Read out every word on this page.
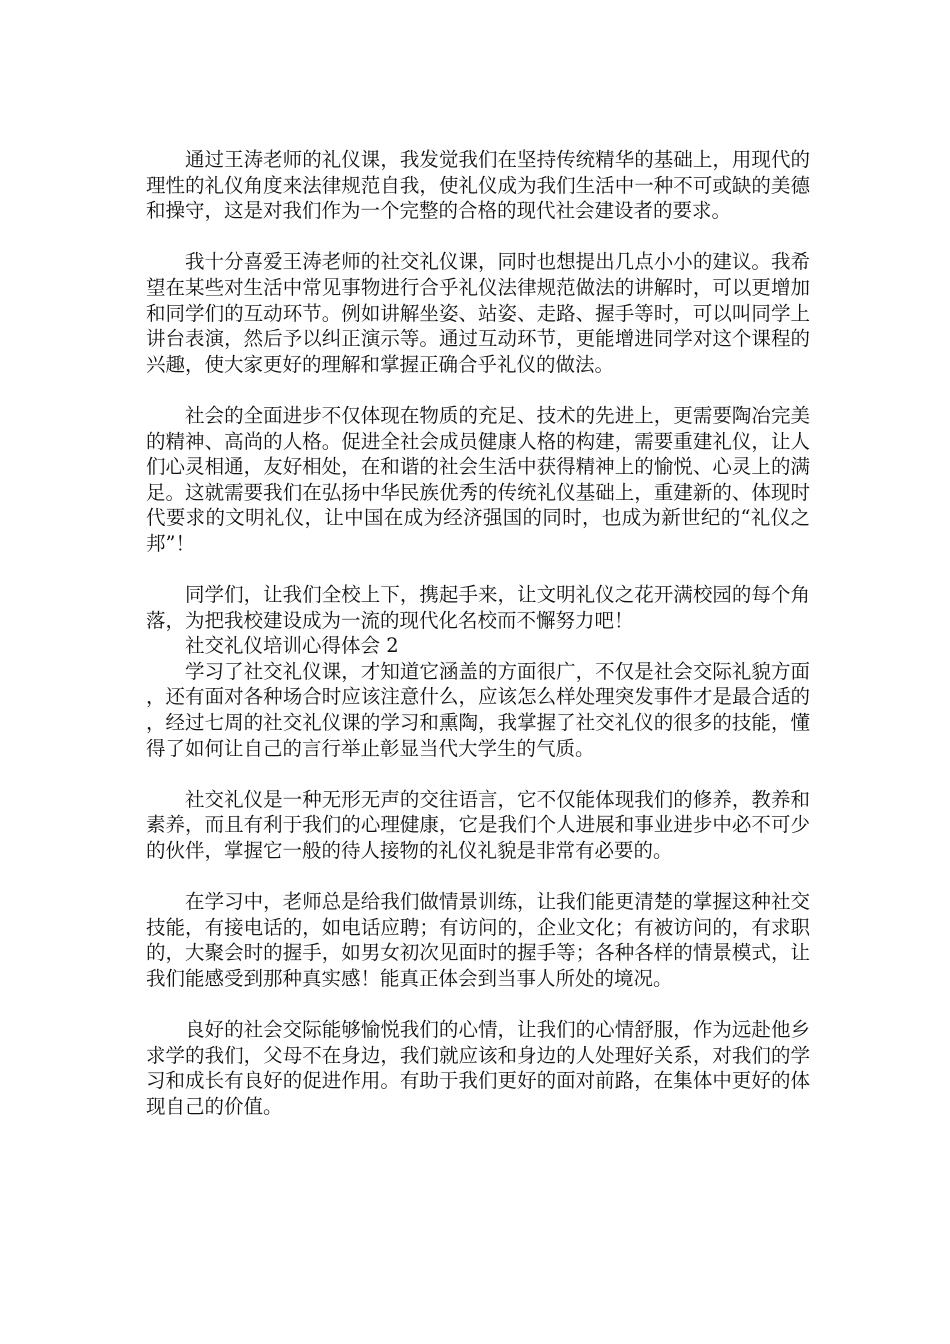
通过王涛老师的礼仪课，我发觉我们在坚持传统精华的基础上，用现代的理性的礼仪角度来法律规范自我，使礼仪成为我们生活中一种不可或缺的美德和操守，这是对我们作为一个完整的合格的现代社会建设者的要求。

我十分喜爱王涛老师的社交礼仪课，同时也想提出几点小小的建议。我希望在某些对生活中常见事物进行合乎礼仪法律规范做法的讲解时，可以更增加和同学们的互动环节。例如讲解坐姿、站姿、走路、握手等时，可以叫同学上讲台表演，然后予以纠正演示等。通过互动环节，更能增进同学对这个课程的兴趣，使大家更好的理解和掌握正确合乎礼仪的做法。

社会的全面进步不仅体现在物质的充足、技术的先进上，更需要陶冶完美的精神、高尚的人格。促进全社会成员健康人格的构建，需要重建礼仪，让人们心灵相通，友好相处，在和谐的社会生活中获得精神上的愉悦、心灵上的满足。这就需要我们在弘扬中华民族优秀的传统礼仪基础上，重建新的、体现时代要求的文明礼仪，让中国在成为经济强国的同时，也成为新世纪的“礼仪之邦”！

同学们，让我们全校上下，携起手来，让文明礼仪之花开满校园的每个角落，为把我校建设成为一流的现代化名校而不懈努力吧！

社交礼仪培训心得体会 2

学习了社交礼仪课，才知道它涵盖的方面很广，不仅是社会交际礼貌方面，还有面对各种场合时应该注意什么，应该怎么样处理突发事件才是最合适的，经过七周的社交礼仪课的学习和熏陶，我掌握了社交礼仪的很多的技能，懂得了如何让自己的言行举止彰显当代大学生的气质。

社交礼仪是一种无形无声的交往语言，它不仅能体现我们的修养，教养和素养，而且有利于我们的心理健康，它是我们个人进展和事业进步中必不可少的伙伴，掌握它一般的待人接物的礼仪礼貌是非常有必要的。

在学习中，老师总是给我们做情景训练，让我们能更清楚的掌握这种社交技能，有接电话的，如电话应聘；有访问的，企业文化；有被访问的，有求职的，大聚会时的握手，如男女初次见面时的握手等；各种各样的情景模式，让我们能感受到那种真实感！能真正体会到当事人所处的境况。

良好的社会交际能够愉悦我们的心情，让我们的心情舒服，作为远赴他乡求学的我们，父母不在身边，我们就应该和身边的人处理好关系，对我们的学习和成长有良好的促进作用。有助于我们更好的面对前路，在集体中更好的体现自己的价值。
